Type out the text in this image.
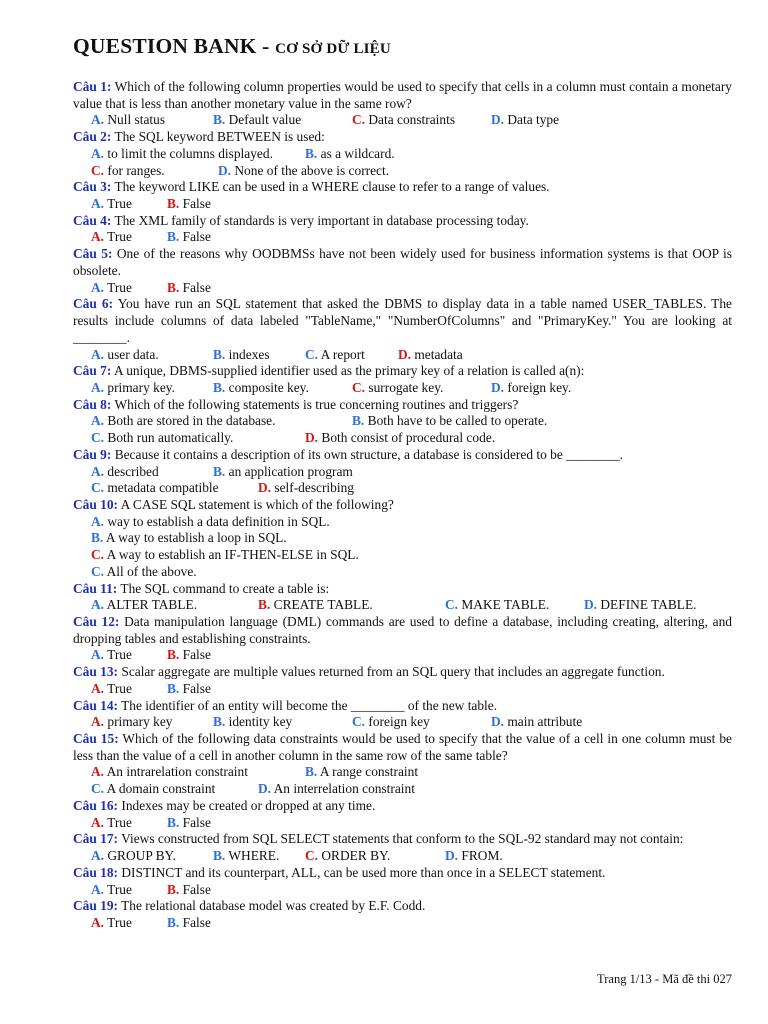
QUESTION BANK - CƠ SỞ DỮ LIỆU
Câu 1: Which of the following column properties would be used to specify that cells in a column must contain a monetary value that is less than another monetary value in the same row?
A. Null status	B. Default value	C. Data constraints	D. Data type
Câu 2: The SQL keyword BETWEEN is used:
A. to limit the columns displayed. B. as a wildcard.
C. for ranges.	D. None of the above is correct.
Câu 3: The keyword LIKE can be used in a WHERE clause to refer to a range of values.
A. True	B. False
Câu 4: The XML family of standards is very important in database processing today.
A. True	B. False
Câu 5: One of the reasons why OODBMSs have not been widely used for business information systems is that OOP is obsolete.
A. True	B. False
Câu 6: You have run an SQL statement that asked the DBMS to display data in a table named USER_TABLES. The results include columns of data labeled "TableName," "NumberOfColumns" and "PrimaryKey." You are looking at ________.
A. user data.	B. indexes	C. A report D. metadata
Câu 7: A unique, DBMS-supplied identifier used as the primary key of a relation is called a(n):
A. primary key.	B. composite key.	C. surrogate key.	D. foreign key.
Câu 8: Which of the following statements is true concerning routines and triggers?
A. Both are stored in the database.	B. Both have to be called to operate.
C. Both run automatically.	D. Both consist of procedural code.
Câu 9: Because it contains a description of its own structure, a database is considered to be ________.
A. described	B. an application program
C. metadata compatible	D. self-describing
Câu 10: A CASE SQL statement is which of the following?
A. way to establish a data definition in SQL.
B. A way to establish a loop in SQL.
C. A way to establish an IF-THEN-ELSE in SQL.
C. All of the above.
Câu 11: The SQL command to create a table is:
A. ALTER TABLE.	B. CREATE TABLE.	C. MAKE TABLE.	D. DEFINE TABLE.
Câu 12: Data manipulation language (DML) commands are used to define a database, including creating, altering, and dropping tables and establishing constraints.
A. True	B. False
Câu 13: Scalar aggregate are multiple values returned from an SQL query that includes an aggregate function.
A. True	B. False
Câu 14: The identifier of an entity will become the ________ of the new table.
A. primary key	B. identity key	C. foreign key	D. main attribute
Câu 15: Which of the following data constraints would be used to specify that the value of a cell in one column must be less than the value of a cell in another column in the same row of the same table?
A. An intrarelation constraint	B. A range constraint
C. A domain constraint	D. An interrelation constraint
Câu 16: Indexes may be created or dropped at any time.
A. True	B. False
Câu 17: Views constructed from SQL SELECT statements that conform to the SQL-92 standard may not contain:
A. GROUP BY.	B. WHERE. C. ORDER BY.	D. FROM.
Câu 18: DISTINCT and its counterpart, ALL, can be used more than once in a SELECT statement.
A. True	B. False
Câu 19: The relational database model was created by E.F. Codd.
A. True	B. False
Trang 1/13 - Mã đề thi 027
